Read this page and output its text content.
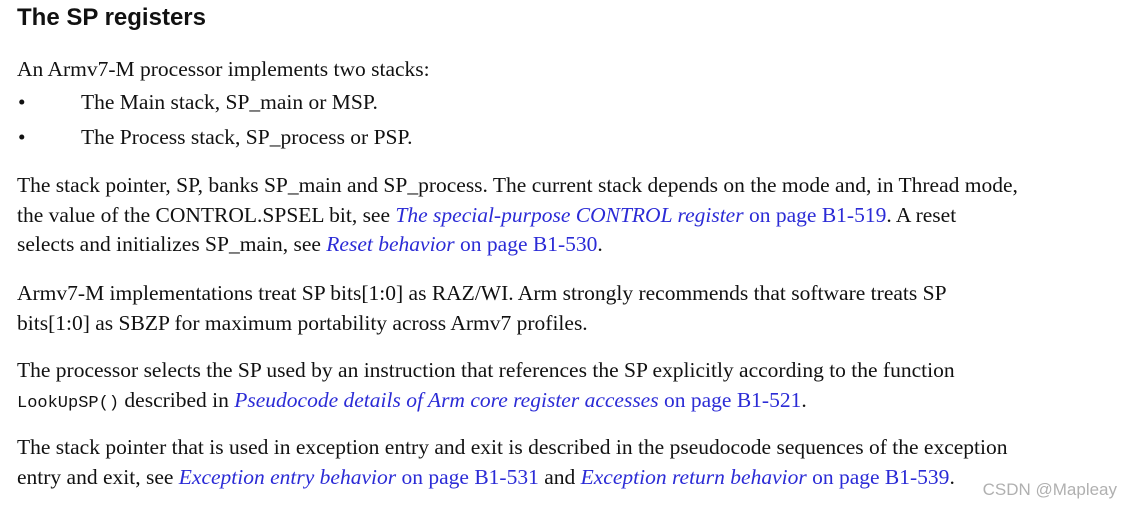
The SP registers

An Armv7-M processor implements two stacks:

•	The Main stack, SP_main or MSP.
•	The Process stack, SP_process or PSP.

The stack pointer, SP, banks SP_main and SP_process. The current stack depends on the mode and, in Thread mode,
the value of the CONTROL.SPSEL bit, see The special-purpose CONTROL register on page B1-519. A reset
selects and initializes SP_main, see Reset behavior on page B1-530.

Armv7-M implementations treat SP bits[1:0] as RAZ/WI. Arm strongly recommends that software treats SP
bits[1:0] as SBZP for maximum portability across Armv7 profiles.

The processor selects the SP used by an instruction that references the SP explicitly according to the function
LookUpSP() described in Pseudocode details of Arm core register accesses on page B1-521.

The stack pointer that is used in exception entry and exit is described in the pseudocode sequences of the exception
entry and exit, see Exception entry behavior on page B1-531 and Exception return behavior on page B1-539.

CSDN @Mapleay
